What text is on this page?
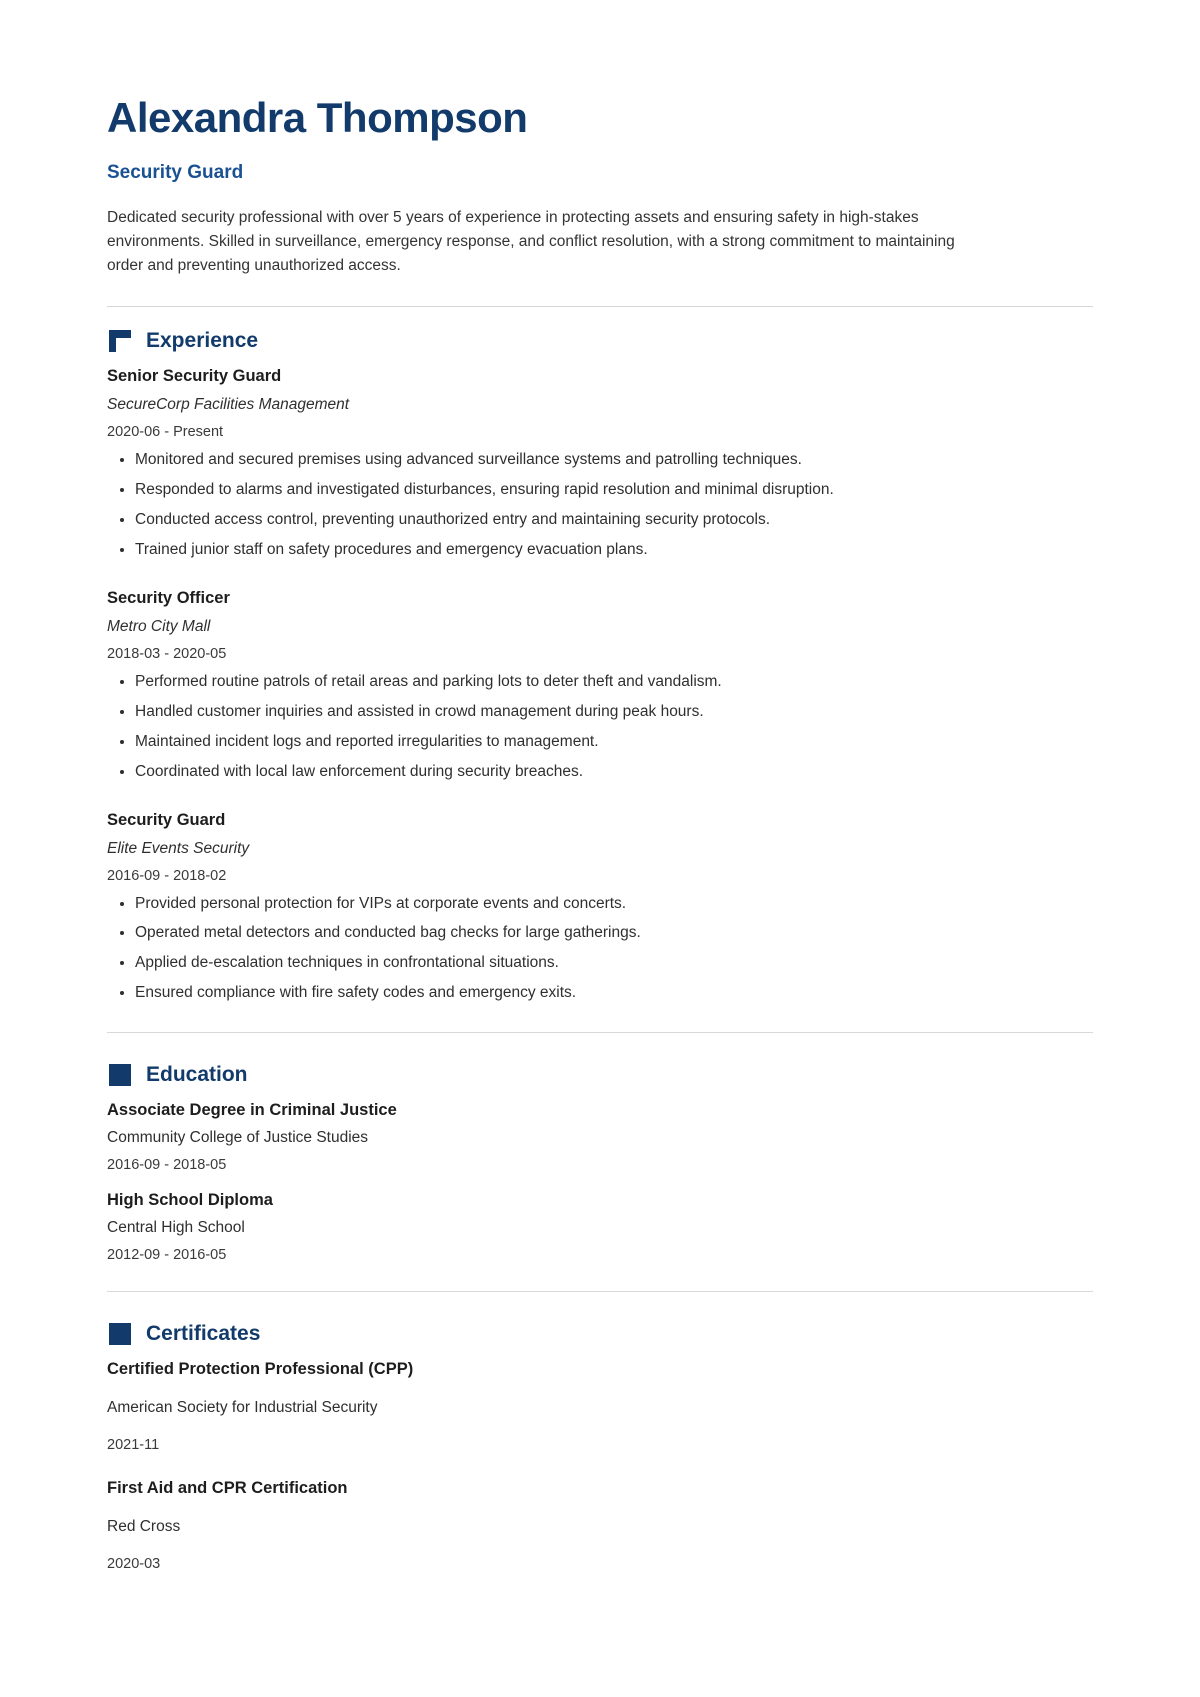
Alexandra Thompson
Security Guard

Dedicated security professional with over 5 years of experience in protecting assets and ensuring safety in high-stakes environments. Skilled in surveillance, emergency response, and conflict resolution, with a strong commitment to maintaining order and preventing unauthorized access.

Experience
Senior Security Guard
SecureCorp Facilities Management
2020-06 - Present
• Monitored and secured premises using advanced surveillance systems and patrolling techniques.
• Responded to alarms and investigated disturbances, ensuring rapid resolution and minimal disruption.
• Conducted access control, preventing unauthorized entry and maintaining security protocols.
• Trained junior staff on safety procedures and emergency evacuation plans.
Security Officer
Metro City Mall
2018-03 - 2020-05
• Performed routine patrols of retail areas and parking lots to deter theft and vandalism.
• Handled customer inquiries and assisted in crowd management during peak hours.
• Maintained incident logs and reported irregularities to management.
• Coordinated with local law enforcement during security breaches.
Security Guard
Elite Events Security
2016-09 - 2018-02
• Provided personal protection for VIPs at corporate events and concerts.
• Operated metal detectors and conducted bag checks for large gatherings.
• Applied de-escalation techniques in confrontational situations.
• Ensured compliance with fire safety codes and emergency exits.
Education
Associate Degree in Criminal Justice
Community College of Justice Studies
2016-09 - 2018-05
High School Diploma
Central High School
2012-09 - 2016-05
Certificates
Certified Protection Professional (CPP)
American Society for Industrial Security
2021-11
First Aid and CPR Certification
Red Cross
2020-03
